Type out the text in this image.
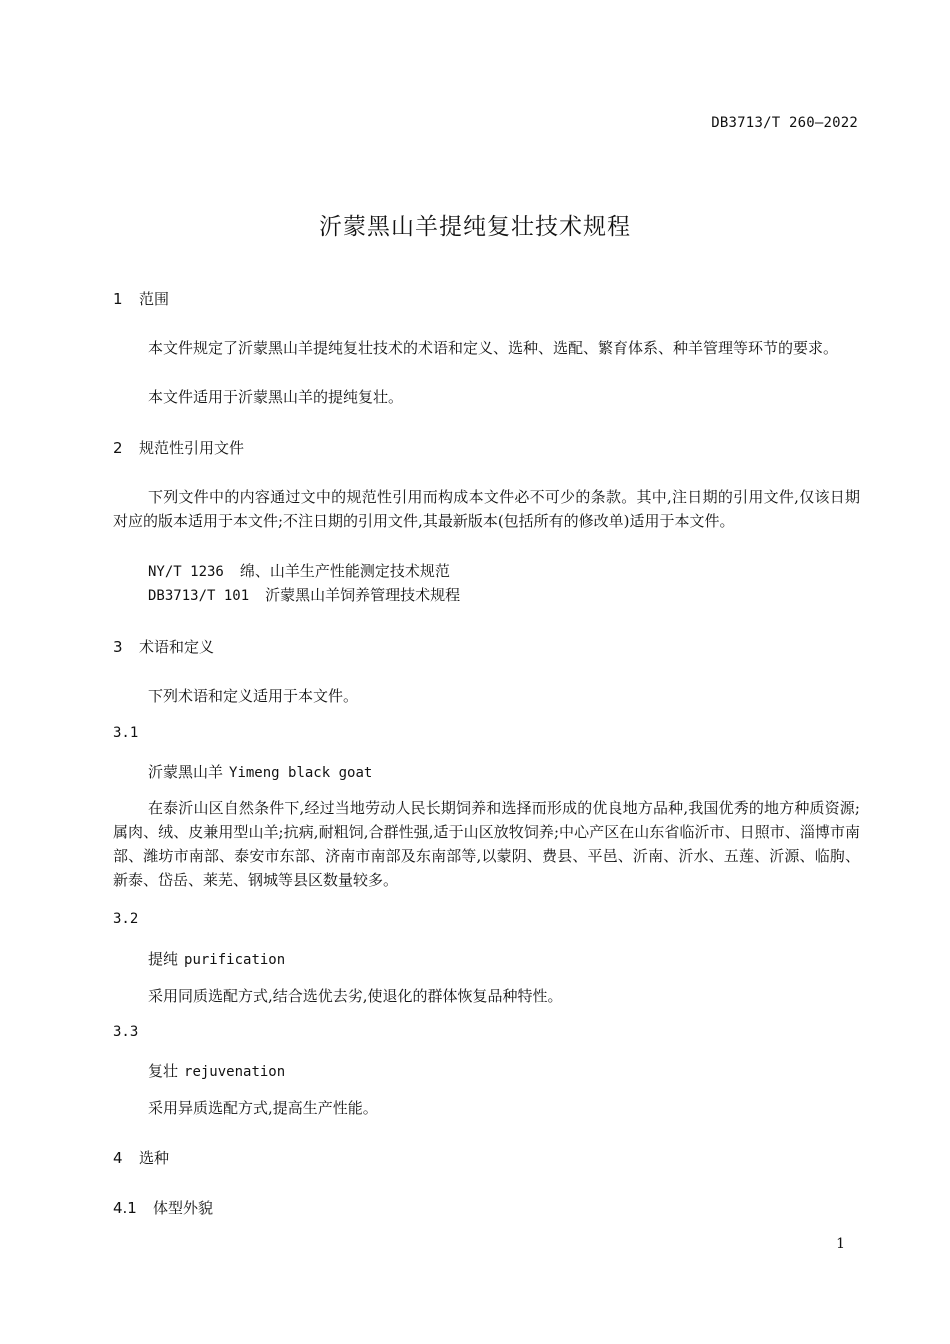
DB3713/T 260—2022
沂蒙黑山羊提纯复壮技术规程
1 范围
本文件规定了沂蒙黑山羊提纯复壮技术的术语和定义、选种、选配、繁育体系、种羊管理等环节的要求。
本文件适用于沂蒙黑山羊的提纯复壮。
2 规范性引用文件
下列文件中的内容通过文中的规范性引用而构成本文件必不可少的条款。其中,注日期的引用文件,仅该日期对应的版本适用于本文件;不注日期的引用文件,其最新版本(包括所有的修改单)适用于本文件。
NY/T 1236 绵、山羊生产性能测定技术规范
DB3713/T 101 沂蒙黑山羊饲养管理技术规程
3 术语和定义
下列术语和定义适用于本文件。
3.1
沂蒙黑山羊 Yimeng black goat
在泰沂山区自然条件下,经过当地劳动人民长期饲养和选择而形成的优良地方品种,我国优秀的地方种质资源;属肉、绒、皮兼用型山羊;抗病,耐粗饲,合群性强,适于山区放牧饲养;中心产区在山东省临沂市、日照市、淄博市南部、潍坊市南部、泰安市东部、济南市南部及东南部等,以蒙阴、费县、平邑、沂南、沂水、五莲、沂源、临朐、新泰、岱岳、莱芜、钢城等县区数量较多。
3.2
提纯 purification
采用同质选配方式,结合选优去劣,使退化的群体恢复品种特性。
3.3
复壮 rejuvenation
采用异质选配方式,提高生产性能。
4 选种
4.1 体型外貌
1
